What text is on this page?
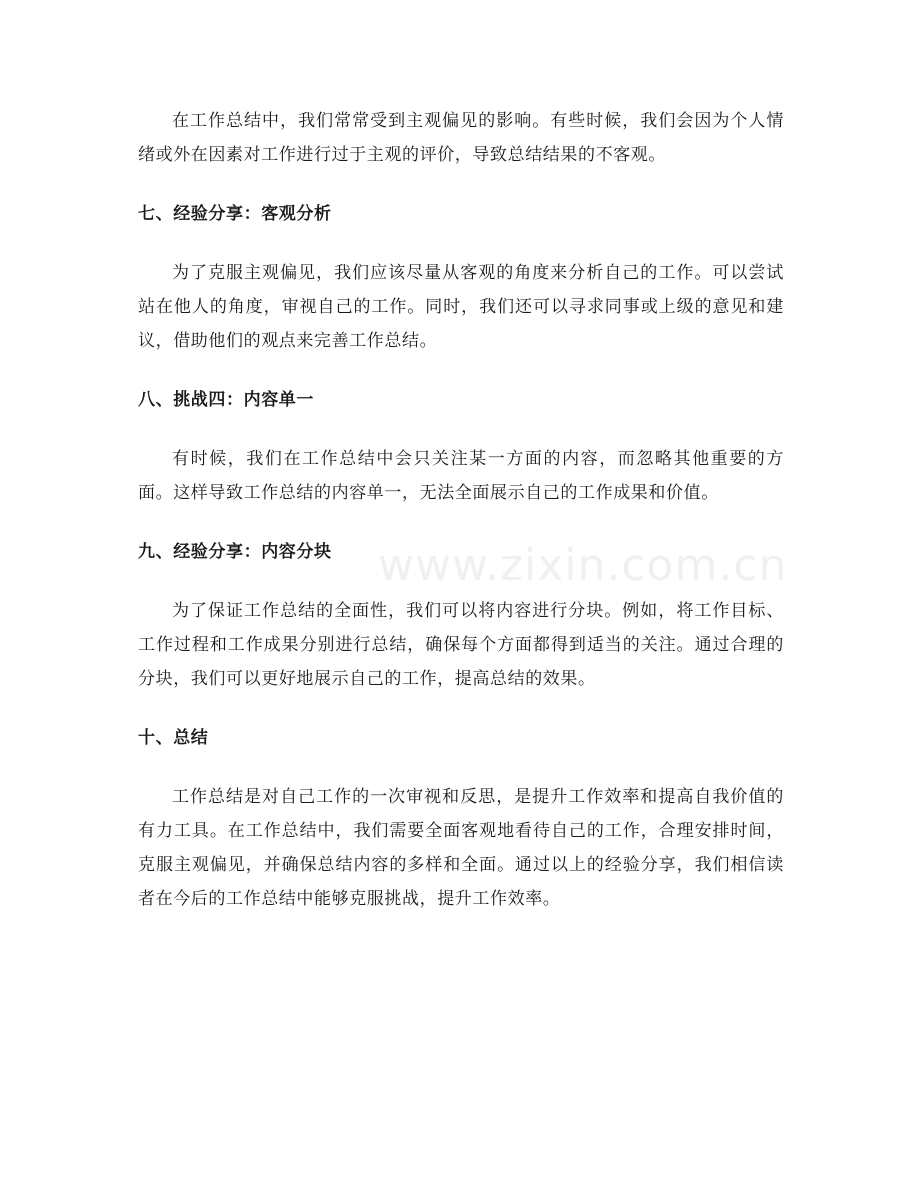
在工作总结中，我们常常受到主观偏见的影响。有些时候，我们会因为个人情绪或外在因素对工作进行过于主观的评价，导致总结结果的不客观。

七、经验分享：客观分析

为了克服主观偏见，我们应该尽量从客观的角度来分析自己的工作。可以尝试站在他人的角度，审视自己的工作。同时，我们还可以寻求同事或上级的意见和建议，借助他们的观点来完善工作总结。

八、挑战四：内容单一

有时候，我们在工作总结中会只关注某一方面的内容，而忽略其他重要的方面。这样导致工作总结的内容单一，无法全面展示自己的工作成果和价值。

九、经验分享：内容分块

为了保证工作总结的全面性，我们可以将内容进行分块。例如，将工作目标、工作过程和工作成果分别进行总结，确保每个方面都得到适当的关注。通过合理的分块，我们可以更好地展示自己的工作，提高总结的效果。

十、总结

工作总结是对自己工作的一次审视和反思，是提升工作效率和提高自我价值的有力工具。在工作总结中，我们需要全面客观地看待自己的工作，合理安排时间，克服主观偏见，并确保总结内容的多样和全面。通过以上的经验分享，我们相信读者在今后的工作总结中能够克服挑战，提升工作效率。

www.zixin.com.cn
